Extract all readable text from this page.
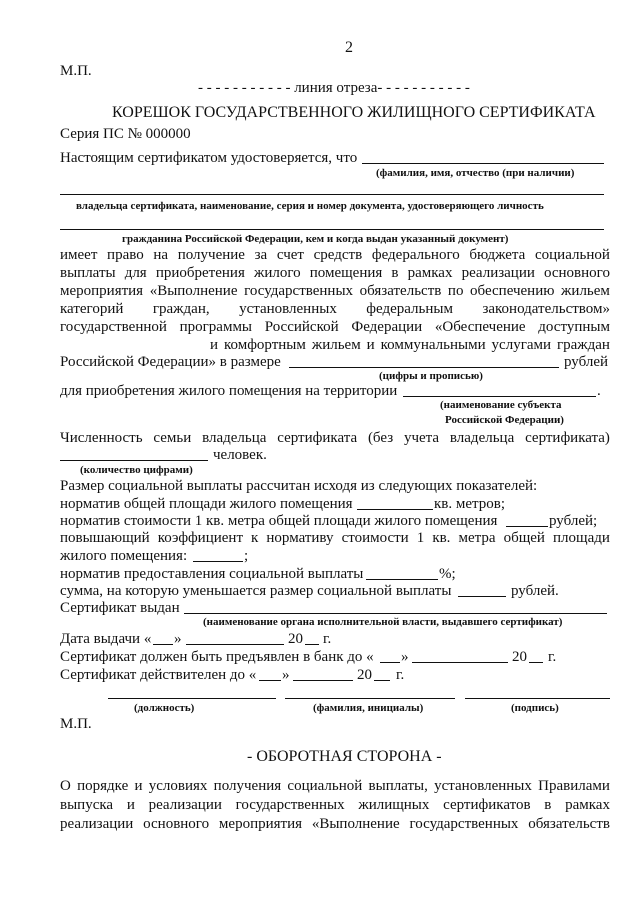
2
М.П.
- - - - - - - - - - - линия отреза- - - - - - - - - - -
КОРЕШОК ГОСУДАРСТВЕННОГО ЖИЛИЩНОГО СЕРТИФИКАТА
Серия ПС № 000000
Настоящим сертификатом удостоверяется, что
(фамилия, имя, отчество (при наличии)
владельца сертификата, наименование, серия и номер документа, удостоверяющего личность
гражданина Российской Федерации, кем и когда выдан указанный документ)
имеет право на получение за счет средств федерального бюджета социальной
выплаты для приобретения жилого помещения в рамках реализации основного
мероприятия «Выполнение государственных обязательств по обеспечению жильем
категорий граждан, установленных федеральным законодательством»
государственной программы Российской Федерации «Обеспечение доступным
и комфортным жильем и коммунальными услугами граждан
Российской Федерации» в размере	рублей
(цифры и прописью)
для приобретения жилого помещения на территории	.
(наименование субъекта
Российской Федерации)
Численность семьи владельца сертификата (без учета владельца сертификата)
человек.
(количество цифрами)
Размер социальной выплаты рассчитан исходя из следующих показателей:
норматив общей площади жилого помещения	кв. метров;
норматив стоимости 1 кв. метра общей площади жилого помещения	рублей;
повышающий коэффициент к нормативу стоимости 1 кв. метра общей площади
жилого помещения:	;
норматив предоставления социальной выплаты	%;
сумма, на которую уменьшается размер социальной выплаты	рублей.
Сертификат выдан
(наименование органа исполнительной власти, выдавшего сертификат)
Дата выдачи « »	20 г.
Сертификат должен быть предъявлен в банк до « »	20 г.
Сертификат действителен до « »	20 г.
(должность)	(фамилия, инициалы)	(подпись)
М.П.
- ОБОРОТНАЯ СТОРОНА -
О порядке и условиях получения социальной выплаты, установленных Правилами
выпуска и реализации государственных жилищных сертификатов в рамках
реализации основного мероприятия «Выполнение государственных обязательств
